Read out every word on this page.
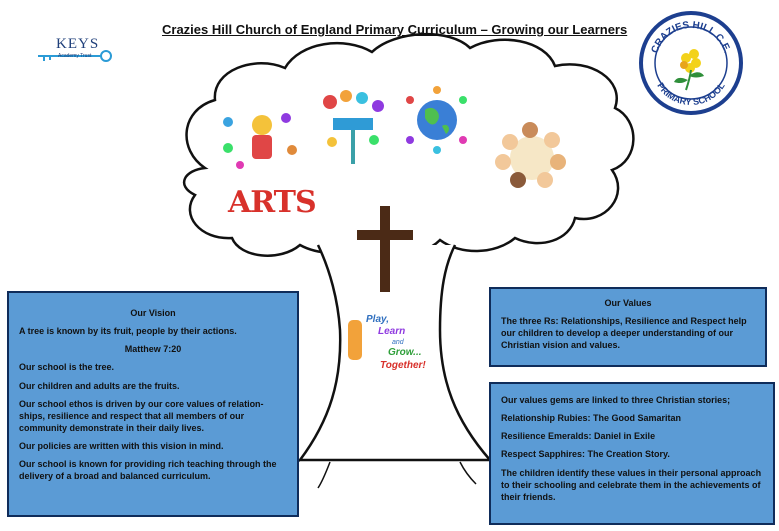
Crazies Hill Church of England Primary Curriculum – Growing our Learners
KEYS
Academy Trust
CRAZIES HILL C.E.
PRIMARY SCHOOL
ARTS
Play,
Learn
and
Grow...
Together!

Our Vision

A tree is known by its fruit, people by their actions.

Matthew 7:20

Our school is the tree.

Our children and adults are the fruits.

Our school ethos is driven by our core values of relation-ships, resilience and respect that all members of our community demonstrate in their daily lives.

Our policies are written with this vision in mind.

Our school is known for providing rich teaching through the delivery of a broad and balanced curriculum.

Our Values

The three Rs: Relationships, Resilience and Respect help our children to develop a deeper understanding of our Christian vision and values.

Our values gems are linked to three Christian stories;

Relationship Rubies: The Good Samaritan

Resilience Emeralds: Daniel in Exile

Respect Sapphires: The Creation Story.

The children identify these values in their personal approach to their schooling and celebrate them in the achievements of their friends.
